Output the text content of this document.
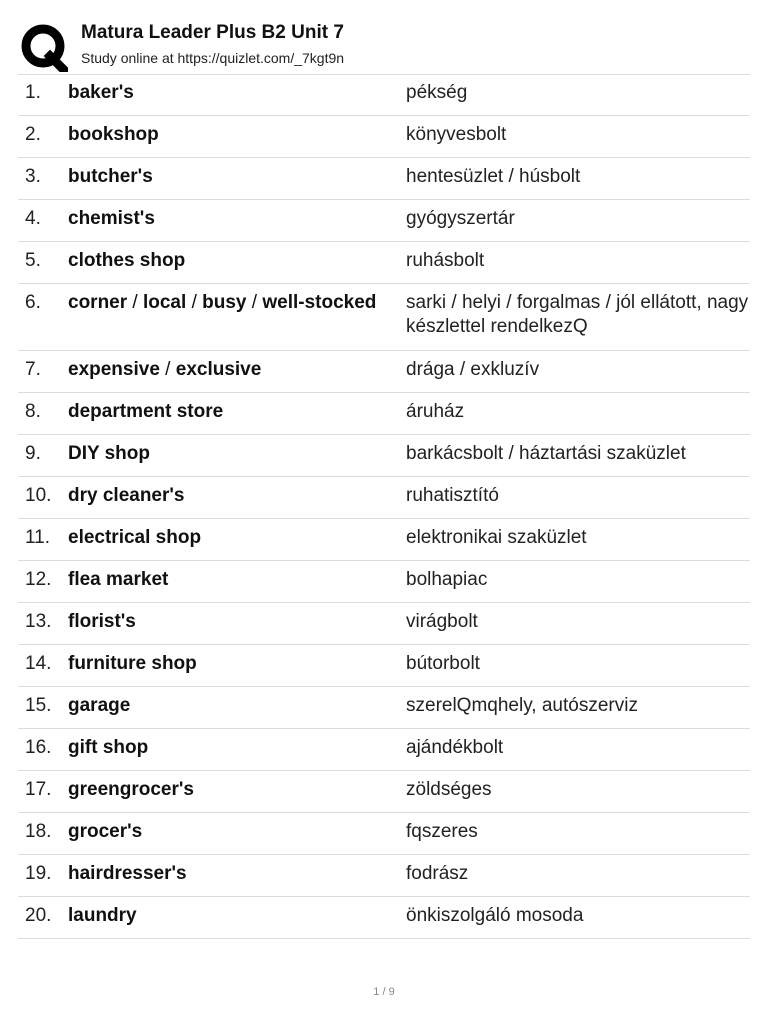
Matura Leader Plus B2 Unit 7
Study online at https://quizlet.com/_7kgt9n
1.	baker's	pékség
2.	bookshop	könyvesbolt
3.	butcher's	hentesüzlet / húsbolt
4.	chemist's	gyógyszertár
5.	clothes shop	ruhásbolt
6.	corner / local / busy / well-stocked	sarki / helyi / forgalmas / jól ellátott, nagy készlettel rendelkezQ
7.	expensive / exclusive	drága / exkluzív
8.	department store	áruház
9.	DIY shop	barkácsbolt / háztartási szaküzlet
10. dry cleaner's	ruhatisztító
11. electrical shop	elektronikai szaküzlet
12. flea market	bolhapiac
13. florist's	virágbolt
14. furniture shop	bútorbolt
15. garage	szerelQmqhely, autószerviz
16. gift shop	ajándékbolt
17. greengrocer's	zöldséges
18. grocer's	fqszeres
19. hairdresser's	fodrász
20. laundry	önkiszolgáló mosoda
1 / 9
